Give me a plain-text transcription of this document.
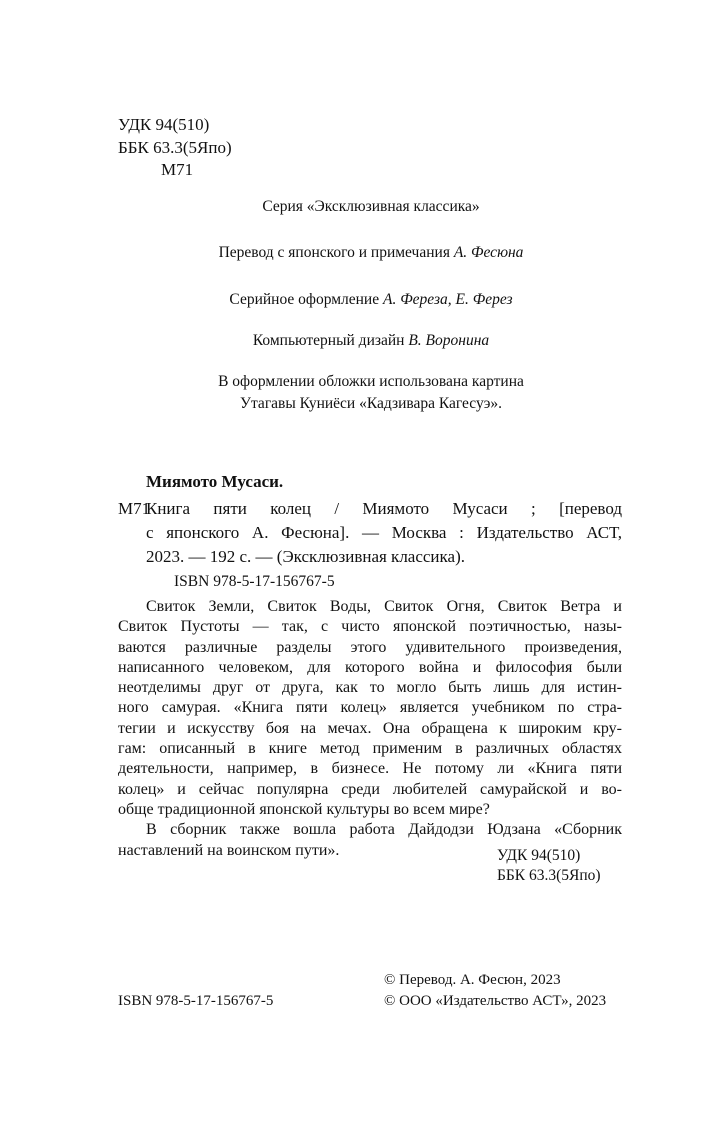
УДК 94(510)
ББК 63.3(5Япо)
М71
Серия «Эксклюзивная классика»
Перевод с японского и примечания А. Фесюна
Серийное оформление А. Фереза, Е. Ферез
Компьютерный дизайн В. Воронина
В оформлении обложки использована картина
Утагавы Куниёси «Кадзивара Кагесуэ».
Миямото Мусаси.
М71

Книга пяти колец / Миямото Мусаси ; [перевод

с японского А. Фесюна]. — Москва : Издательство АСТ,

2023. — 192 с. — (Эксклюзивная классика).

ISBN 978-5-17-156767-5
Свиток Земли, Свиток Воды, Свиток Огня, Свиток Ветра и
Свиток Пустоты — так, с чисто японской поэтичностью, назы-
ваются различные разделы этого удивительного произведения,
написанного человеком, для которого война и философия были
неотделимы друг от друга, как то могло быть лишь для истин-
ного самурая. «Книга пяти колец» является учебником по стра-
тегии и искусству боя на мечах. Она обращена к широким кру-
гам: описанный в книге метод применим в различных областях
деятельности, например, в бизнесе. Не потому ли «Книга пяти
колец» и сейчас популярна среди любителей самурайской и во-
обще традиционной японской культуры во всем мире?
В сборник также вошла работа Дайдодзи Юдзана «Сборник
наставлений на воинском пути».	УДК 94(510)
ББК 63.3(5Япо)
ISBN 978-5-17-156767-5
© Перевод. А. Фесюн, 2023
© ООО «Издательство АСТ», 2023
